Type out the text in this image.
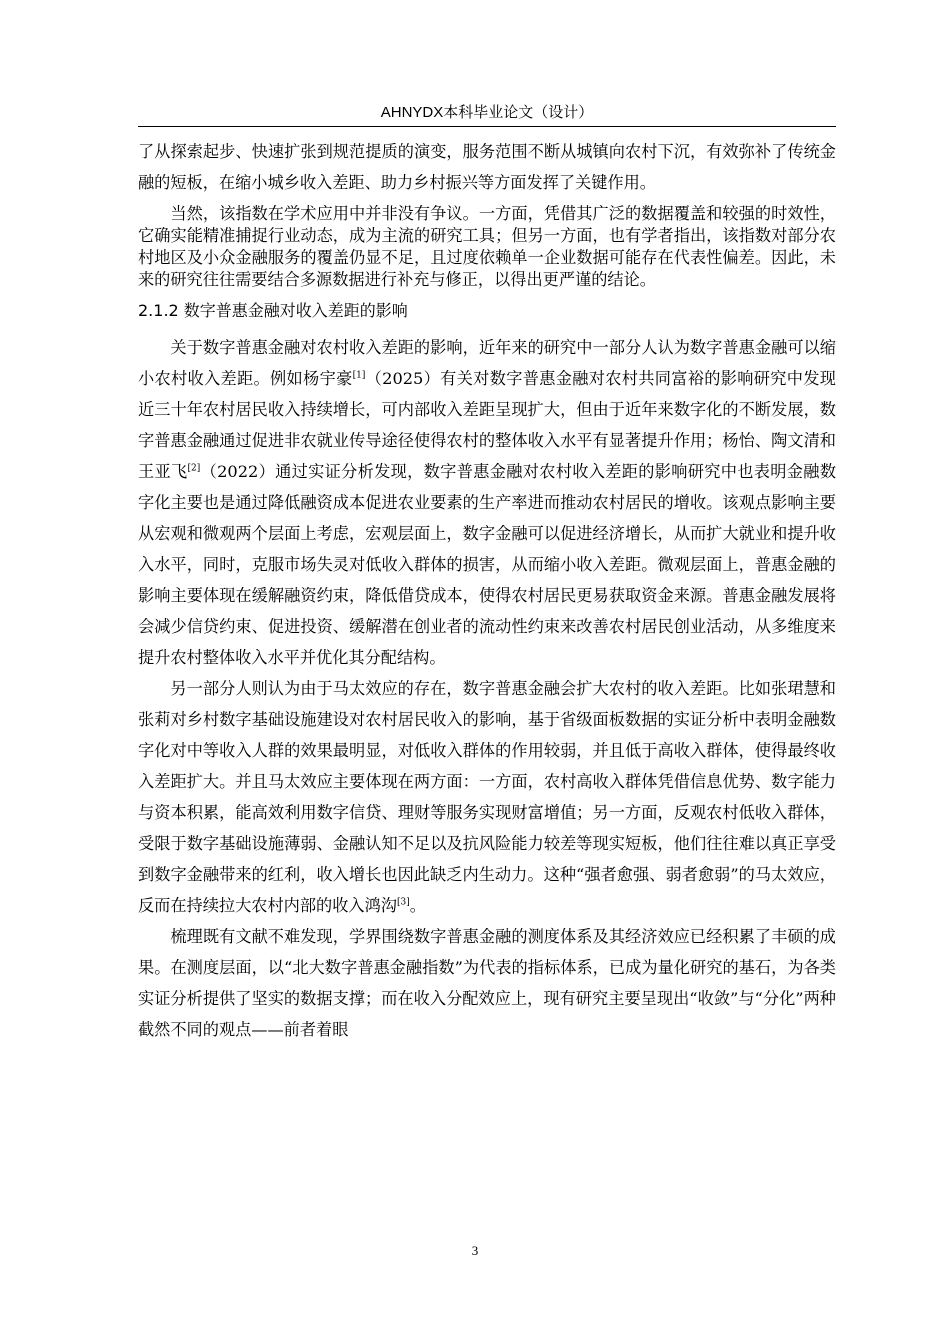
AHNYDX本科毕业论文（设计）

了从探索起步、快速扩张到规范提质的演变，服务范围不断从城镇向农村下沉，有效弥补了传统金融的短板，在缩小城乡收入差距、助力乡村振兴等方面发挥了关键作用。

当然，该指数在学术应用中并非没有争议。一方面，凭借其广泛的数据覆盖和较强的时效性，它确实能精准捕捉行业动态，成为主流的研究工具；但另一方面，也有学者指出，该指数对部分农村地区及小众金融服务的覆盖仍显不足，且过度依赖单一企业数据可能存在代表性偏差。因此，未来的研究往往需要结合多源数据进行补充与修正，以得出更严谨的结论。

2.1.2 数字普惠金融对收入差距的影响

关于数字普惠金融对农村收入差距的影响，近年来的研究中一部分人认为数字普惠金融可以缩小农村收入差距。例如杨宇豪[1]（2025）有关对数字普惠金融对农村共同富裕的影响研究中发现近三十年农村居民收入持续增长，可内部收入差距呈现扩大，但由于近年来数字化的不断发展，数字普惠金融通过促进非农就业传导途径使得农村的整体收入水平有显著提升作用；杨怡、陶文清和王亚飞[2]（2022）通过实证分析发现，数字普惠金融对农村收入差距的影响研究中也表明金融数字化主要也是通过降低融资成本促进农业要素的生产率进而推动农村居民的增收。该观点影响主要从宏观和微观两个层面上考虑，宏观层面上，数字金融可以促进经济增长，从而扩大就业和提升收入水平，同时，克服市场失灵对低收入群体的损害，从而缩小收入差距。微观层面上，普惠金融的影响主要体现在缓解融资约束，降低借贷成本，使得农村居民更易获取资金来源。普惠金融发展将会减少信贷约束、促进投资、缓解潜在创业者的流动性约束来改善农村居民创业活动，从多维度来提升农村整体收入水平并优化其分配结构。

另一部分人则认为由于马太效应的存在，数字普惠金融会扩大农村的收入差距。比如张珺慧和张莉对乡村数字基础设施建设对农村居民收入的影响，基于省级面板数据的实证分析中表明金融数字化对中等收入人群的效果最明显，对低收入群体的作用较弱，并且低于高收入群体，使得最终收入差距扩大。并且马太效应主要体现在两方面：一方面，农村高收入群体凭借信息优势、数字能力与资本积累，能高效利用数字信贷、理财等服务实现财富增值；另一方面，反观农村低收入群体，受限于数字基础设施薄弱、金融认知不足以及抗风险能力较差等现实短板，他们往往难以真正享受到数字金融带来的红利，收入增长也因此缺乏内生动力。这种“强者愈强、弱者愈弱”的马太效应，反而在持续拉大农村内部的收入鸿沟[3]。

梳理既有文献不难发现，学界围绕数字普惠金融的测度体系及其经济效应已经积累了丰硕的成果。在测度层面，以“北大数字普惠金融指数”为代表的指标体系，已成为量化研究的基石，为各类实证分析提供了坚实的数据支撑；而在收入分配效应上，现有研究主要呈现出“收敛”与“分化”两种截然不同的观点——前者着眼

3
